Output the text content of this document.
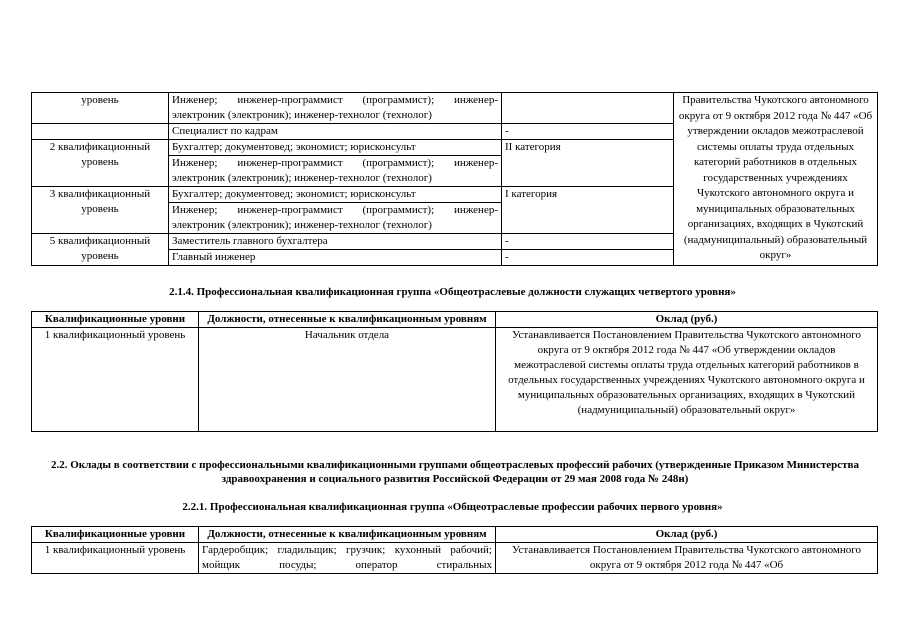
уровень	Инженер; инженер-программист (программист); инженер-электроник (электроник); инженер-технолог (технолог)		Правительства Чукотского автономного округа от 9 октября 2012 года № 447 «Об утверждении окладов межотраслевой системы оплаты труда отдельных категорий работников в отдельных государственных учреждениях Чукотского автономного округа и муниципальных образовательных организациях, входящих в Чукотский (надмуниципальный) образовательный округ»
	Специалист по кадрам	-	
2 квалификационный уровень	Бухгалтер; документовед; экономист; юрисконсульт	II категория	
	Инженер; инженер-программист (программист); инженер-электроник (электроник); инженер-технолог (технолог)		
3 квалификационный уровень	Бухгалтер; документовед; экономист; юрисконсульт	I категория	
	Инженер; инженер-программист (программист); инженер-электроник (электроник); инженер-технолог (технолог)		
5 квалификационный уровень	Заместитель главного бухгалтера	-	
	Главный инженер	-	
2.1.4. Профессиональная квалификационная группа «Общеотраслевые должности служащих четвертого уровня»
Квалификационные уровни	Должности, отнесенные к квалификационным уровням	Оклад (руб.)
1 квалификационный уровень	Начальник отдела	Устанавливается Постановлением Правительства Чукотского автономного округа от 9 октября 2012 года № 447 «Об утверждении окладов межотраслевой системы оплаты труда отдельных категорий работников в отдельных государственных учреждениях Чукотского автономного округа и муниципальных образовательных организациях, входящих в Чукотский (надмуниципальный) образовательный округ»
2.2. Оклады в соответствии с профессиональными квалификационными группами общеотраслевых профессий рабочих (утвержденные Приказом Министерства здравоохранения и социального развития Российской Федерации от 29 мая 2008 года № 248н)
2.2.1. Профессиональная квалификационная группа «Общеотраслевые профессии рабочих первого уровня»
Квалификационные уровни	Должности, отнесенные к квалификационным уровням	Оклад (руб.)
1 квалификационный уровень	Гардеробщик; гладильщик; грузчик; кухонный рабочий; мойщик посуды; оператор стиральных	Устанавливается Постановлением Правительства Чукотского автономного округа от 9 октября 2012 года № 447 «Об
